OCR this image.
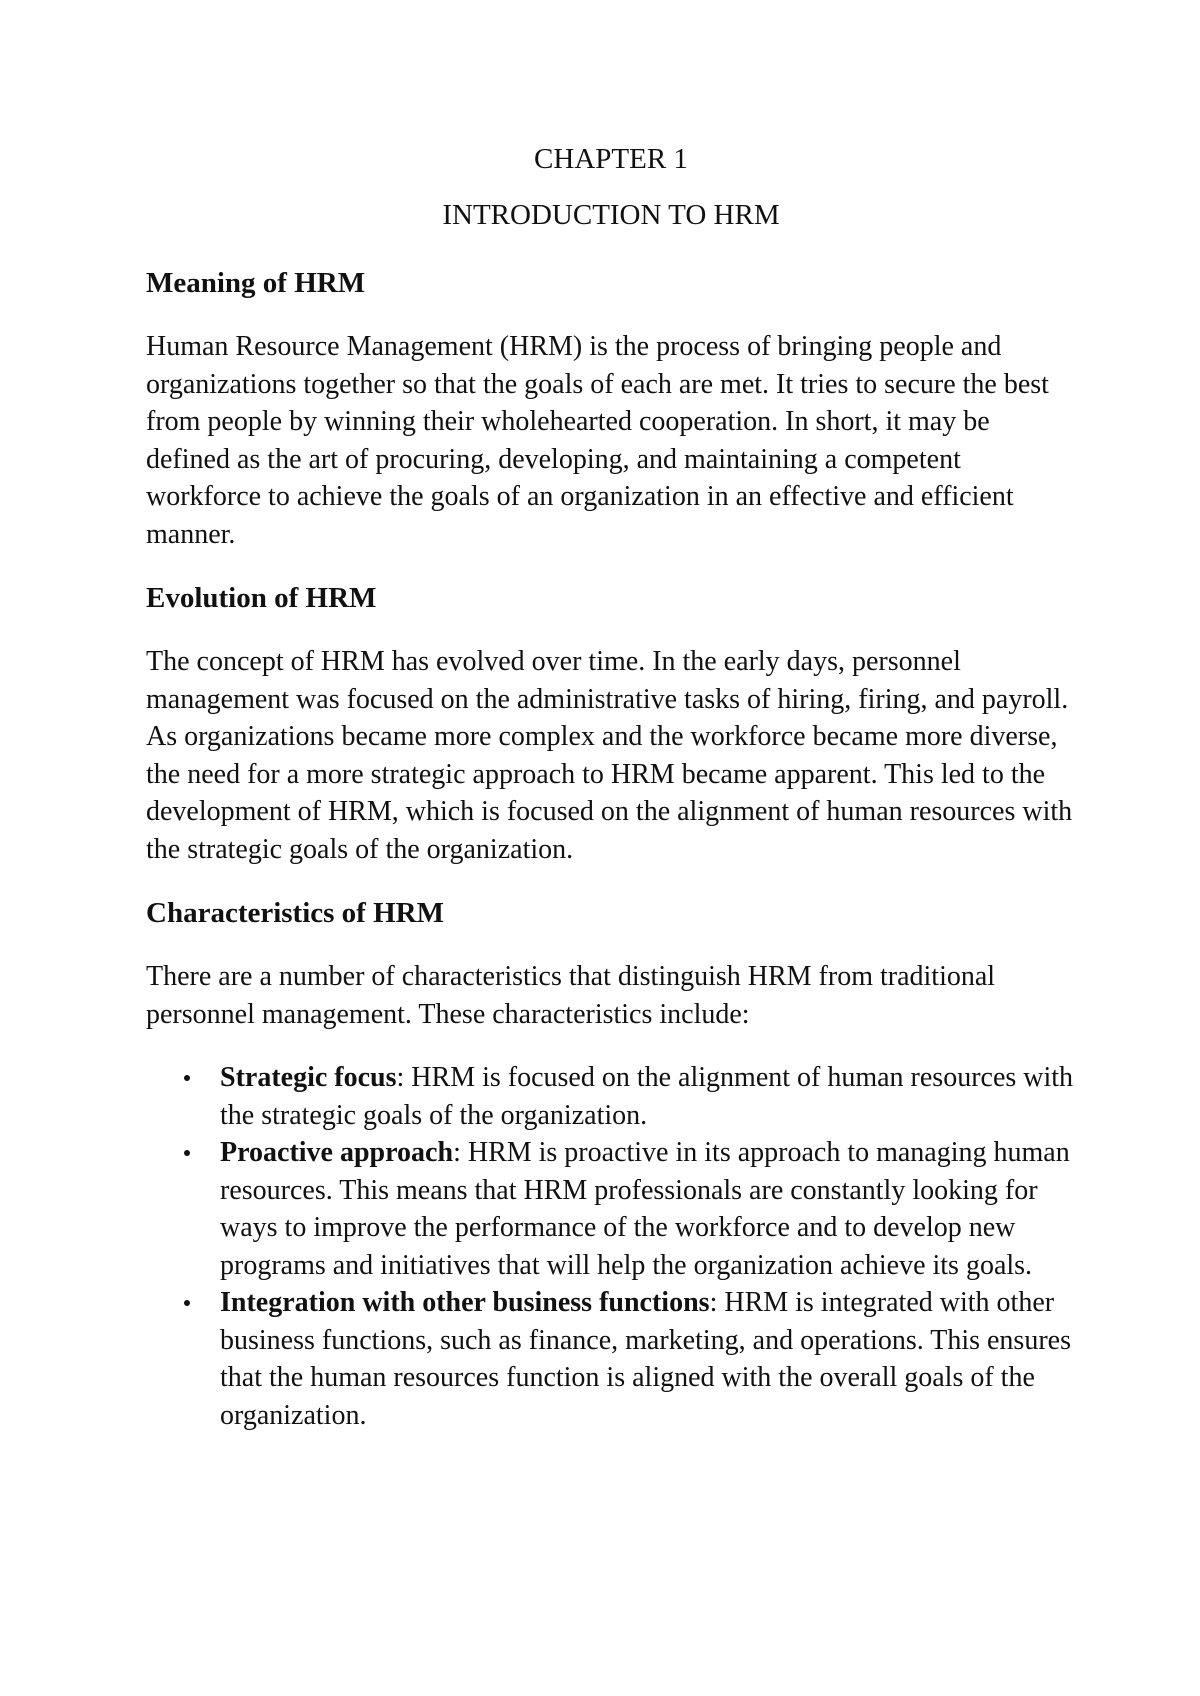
CHAPTER 1
INTRODUCTION TO HRM
Meaning of HRM

Human Resource Management (HRM) is the process of bringing people and organizations together so that the goals of each are met. It tries to secure the best from people by winning their wholehearted cooperation. In short, it may be defined as the art of procuring, developing, and maintaining a competent workforce to achieve the goals of an organization in an effective and efficient manner.

Evolution of HRM

The concept of HRM has evolved over time. In the early days, personnel management was focused on the administrative tasks of hiring, firing, and payroll. As organizations became more complex and the workforce became more diverse, the need for a more strategic approach to HRM became apparent. This led to the development of HRM, which is focused on the alignment of human resources with the strategic goals of the organization.

Characteristics of HRM

There are a number of characteristics that distinguish HRM from traditional personnel management. These characteristics include:

Strategic focus: HRM is focused on the alignment of human resources with the strategic goals of the organization.
Proactive approach: HRM is proactive in its approach to managing human resources. This means that HRM professionals are constantly looking for ways to improve the performance of the workforce and to develop new programs and initiatives that will help the organization achieve its goals.
Integration with other business functions: HRM is integrated with other business functions, such as finance, marketing, and operations. This ensures that the human resources function is aligned with the overall goals of the organization.
